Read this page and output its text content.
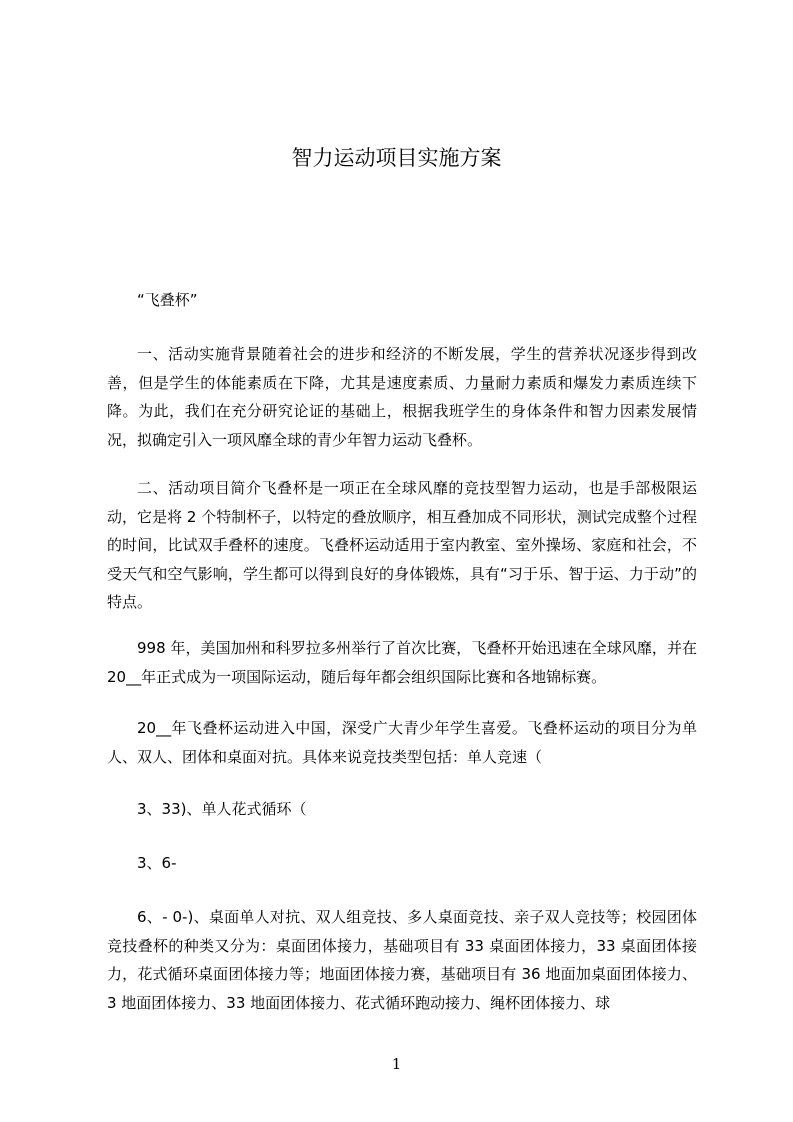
智力运动项目实施方案

“飞叠杯”

一、活动实施背景随着社会的进步和经济的不断发展，学生的营养状况逐步得到改善，但是学生的体能素质在下降，尤其是速度素质、力量耐力素质和爆发力素质连续下降。为此，我们在充分研究论证的基础上，根据我班学生的身体条件和智力因素发展情况，拟确定引入一项风靡全球的青少年智力运动飞叠杯。

二、活动项目简介飞叠杯是一项正在全球风靡的竞技型智力运动，也是手部极限运动，它是将 2 个特制杯子，以特定的叠放顺序，相互叠加成不同形状，测试完成整个过程的时间，比试双手叠杯的速度。飞叠杯运动适用于室内教室、室外操场、家庭和社会，不受天气和空气影响，学生都可以得到良好的身体锻炼，具有“习于乐、智于运、力于动”的特点。

998 年，美国加州和科罗拉多州举行了首次比赛，飞叠杯开始迅速在全球风靡，并在 20__年正式成为一项国际运动，随后每年都会组织国际比赛和各地锦标赛。

20__年飞叠杯运动进入中国，深受广大青少年学生喜爱。飞叠杯运动的项目分为单人、双人、团体和桌面对抗。具体来说竞技类型包括：单人竞速（

3、33)、单人花式循环（

3、6-

6、- 0-)、桌面单人对抗、双人组竞技、多人桌面竞技、亲子双人竞技等；校园团体竞技叠杯的种类又分为：桌面团体接力，基础项目有 33 桌面团体接力，33 桌面团体接力，花式循环桌面团体接力等；地面团体接力赛，基础项目有 36 地面加桌面团体接力、3 地面团体接力、33 地面团体接力、花式循环跑动接力、绳杯团体接力、球

1
